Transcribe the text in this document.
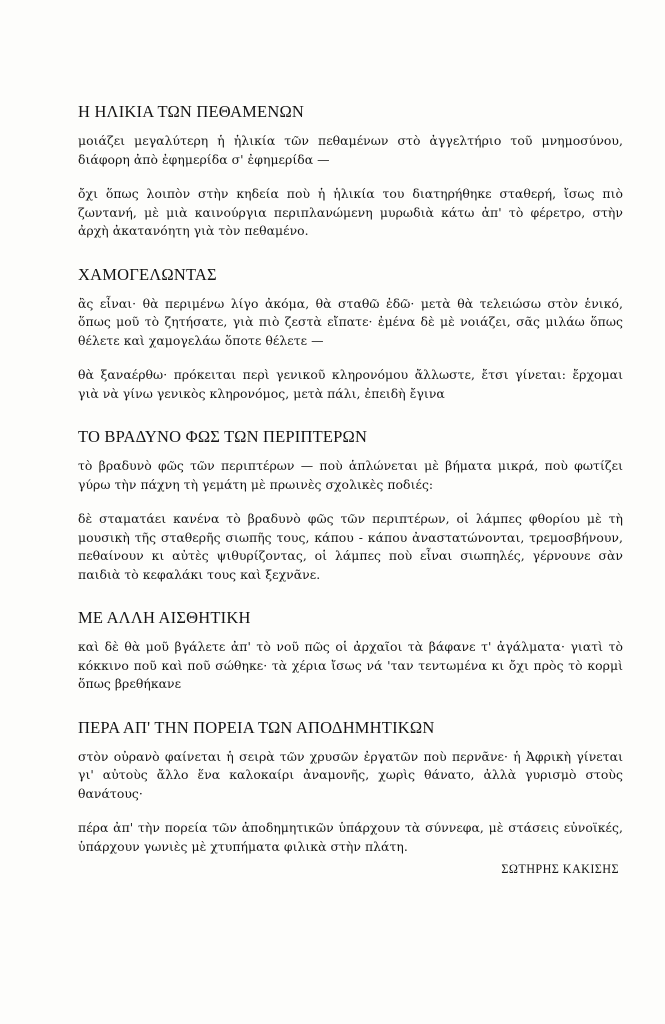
Η ΗΛΙΚΙΑ ΤΩΝ ΠΕΘΑΜΕΝΩΝ

μοιάζει μεγαλύτερη ἡ ἡλικία τῶν πεθαμένων στὸ ἀγγελτήριο τοῦ μνημοσύνου, διάφορη ἀπὸ ἐφημερίδα σ' ἐφημερίδα —

ὄχι ὅπως λοιπὸν στὴν κηδεία ποὺ ἡ ἡλικία του διατηρήθηκε σταθερή, ἴσως πιὸ ζωντανή, μὲ μιὰ καινούργια περιπλανώμενη μυρωδιὰ κάτω ἀπ' τὸ φέρετρο, στὴν ἀρχὴ ἀκατανόητη γιὰ τὸν πεθαμένο.

ΧΑΜΟΓΕΛΩΝΤΑΣ

ἂς εἶναι· θὰ περιμένω λίγο ἀκόμα, θὰ σταθῶ ἐδῶ· μετὰ θὰ τελειώσω στὸν ἑνικό, ὅπως μοῦ τὸ ζητήσατε, γιὰ πιὸ ζεστὰ εἴπατε· ἐμένα δὲ μὲ νοιάζει, σᾶς μιλάω ὅπως θέλετε καὶ χαμογελάω ὅποτε θέλετε —

θὰ ξαναέρθω· πρόκειται περὶ γενικοῦ κληρονόμου ἄλλωστε, ἔτσι γίνεται: ἔρχομαι γιὰ νὰ γίνω γενικὸς κληρονόμος, μετὰ πάλι, ἐπειδὴ ἔγινα

ΤΟ ΒΡΑΔΥΝΟ ΦΩΣ ΤΩΝ ΠΕΡΙΠΤΕΡΩΝ

τὸ βραδυνὸ φῶς τῶν περιπτέρων — ποὺ ἁπλώνεται μὲ βήματα μικρά, ποὺ φωτίζει γύρω τὴν πάχνη τὴ γεμάτη μὲ πρωινὲς σχολικὲς ποδιές:

δὲ σταματάει κανένα τὸ βραδυνὸ φῶς τῶν περιπτέρων, οἱ λάμπες φθορίου μὲ τὴ μουσικὴ τῆς σταθερῆς σιωπῆς τους, κάπου - κάπου ἀναστατώνονται, τρεμοσβήνουν, πεθαίνουν κι αὐτὲς ψιθυρίζοντας, οἱ λάμπες ποὺ εἶναι σιωπηλές, γέρνουνε σὰν παιδιὰ τὸ κεφαλάκι τους καὶ ξεχνᾶνε.

ΜΕ ΑΛΛΗ ΑΙΣΘΗΤΙΚΗ

καὶ δὲ θὰ μοῦ βγάλετε ἀπ' τὸ νοῦ πῶς οἱ ἀρχαῖοι τὰ βάφανε τ' ἀγάλματα· γιατὶ τὸ κόκκινο ποῦ καὶ ποῦ σώθηκε· τὰ χέρια ἴσως νά 'ταν τεντωμένα κι ὄχι πρὸς τὸ κορμὶ ὅπως βρεθήκανε

ΠΕΡΑ ΑΠ' ΤΗΝ ΠΟΡΕΙΑ ΤΩΝ ΑΠΟΔΗΜΗΤΙΚΩΝ

στὸν οὐρανὸ φαίνεται ἡ σειρὰ τῶν χρυσῶν ἐργατῶν ποὺ περνᾶνε· ἡ Ἀφρικὴ γίνεται γι' αὐτοὺς ἄλλο ἕνα καλοκαίρι ἀναμονῆς, χωρὶς θάνατο, ἀλλὰ γυρισμὸ στοὺς θανάτους·

πέρα ἀπ' τὴν πορεία τῶν ἀποδημητικῶν ὑπάρχουν τὰ σύννεφα, μὲ στάσεις εὐνοϊκές, ὑπάρχουν γωνιὲς μὲ χτυπήματα φιλικὰ στὴν πλάτη.

ΣΩΤΗΡΗΣ ΚΑΚΙΣΗΣ
